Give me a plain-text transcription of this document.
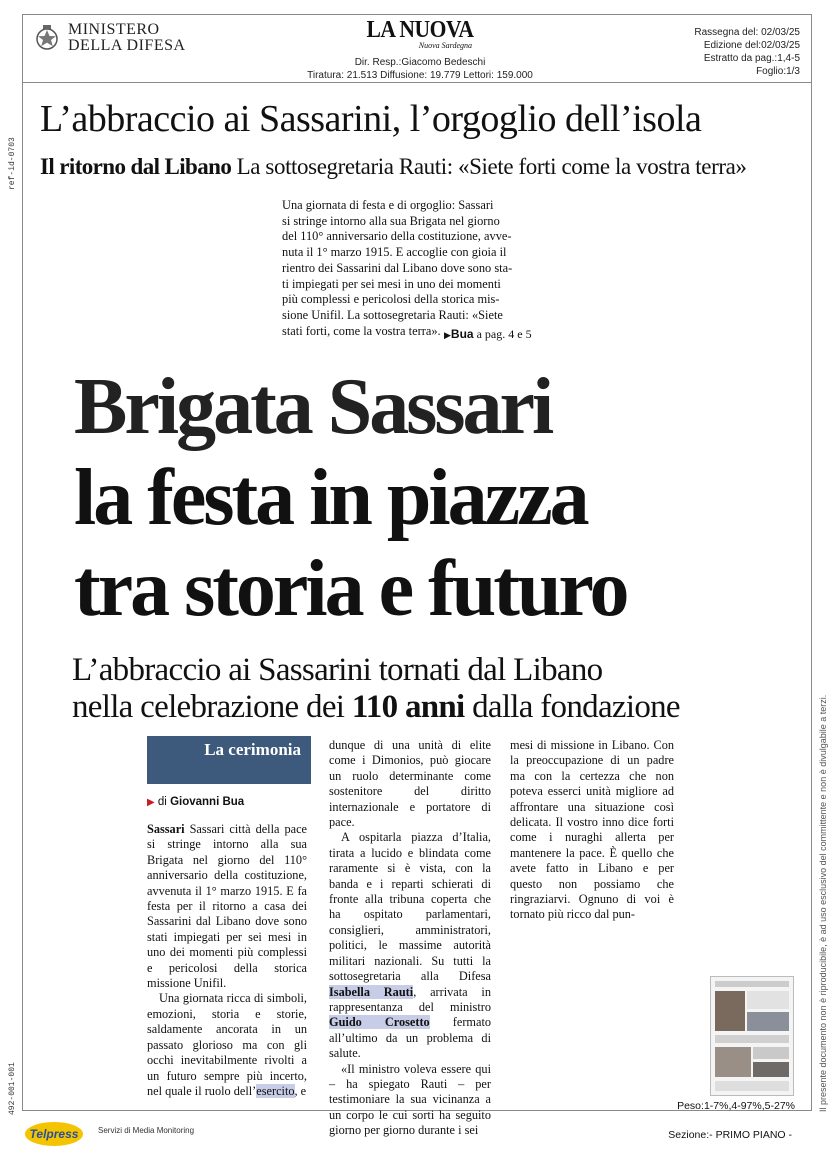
MINISTERO
DELLA DIFESA
LA NUOVA
Nuova Sardegna
Dir. Resp.:Giacomo Bedeschi
Tiratura: 21.513 Diffusione: 19.779 Lettori: 159.000
Rassegna del: 02/03/25
Edizione del:02/03/25
Estratto da pag.:1,4-5
Foglio:1/3
ref-id-0703
492-001-001	Il presente documento non è riproducibile, è ad uso esclusivo del committente e non è divulgabile a terzi.
L’abbraccio ai Sassarini, l’orgoglio dell’isola
Il ritorno dal Libano La sottosegretaria Rauti: «Siete forti come la vostra terra»
Una giornata di festa e di orgoglio: Sassari
si stringe intorno alla sua Brigata nel giorno
del 110° anniversario della costituzione, avve-
nuta il 1° marzo 1915. E accoglie con gioia il
rientro dei Sassarini dal Libano dove sono sta-
ti impiegati per sei mesi in uno dei momenti
più complessi e pericolosi della storica mis-
sione Unifil. La sottosegretaria Rauti: «Siete
stati forti, come la vostra terra». ▶Bua a pag. 4 e 5
Brigata Sassari
la festa in piazza
tra storia e futuro
L’abbraccio ai Sassarini tornati dal Libano
nella celebrazione dei 110 anni dalla fondazione
La cerimonia
▶ di Giovanni Bua

Sassari Sassari città della pace si stringe intorno alla sua Brigata nel giorno del 110° anniversario della costituzione, avvenuta il 1° marzo 1915. E fa festa per il ritorno a casa dei Sassarini dal Libano dove sono stati impiegati per sei mesi in uno dei momenti più complessi e pericolosi della storica missione Unifil.

Una giornata ricca di simboli, emozioni, storia e storie, saldamente ancorata in un passato glorioso ma con gli occhi inevitabilmente rivolti a un futuro sempre più incerto, nel quale il ruolo dell’esercito, e

dunque di una unità di elite come i Dimonios, può giocare un ruolo determinante come sostenitore del diritto internazionale e portatore di pace.

A ospitarla piazza d’Italia, tirata a lucido e blindata come raramente si è vista, con la banda e i reparti schierati di fronte alla tribuna coperta che ha ospitato parlamentari, consiglieri, amministratori, politici, le massime autorità militari nazionali. Su tutti la sottosegretaria alla Difesa Isabella Rauti, arrivata in rappresentanza del ministro Guido Crosetto fermato all’ultimo da un problema di salute.

«Il ministro voleva essere qui – ha spiegato Rauti – per testimoniare la sua vicinanza a un corpo le cui sorti ha seguito giorno per giorno durante i sei

mesi di missione in Libano. Con la preoccupazione di un padre ma con la certezza che non poteva esserci unità migliore ad affrontare una situazione così delicata. Il vostro inno dice forti come i nuraghi allerta per mantenere la pace. È quello che avete fatto in Libano e per questo non possiamo che ringraziarvi. Ognuno di voi è tornato più ricco dal pun-

Peso:1-7%,4-97%,5-27%
Telpress Servizi di Media Monitoring	Sezione:- PRIMO PIANO -
